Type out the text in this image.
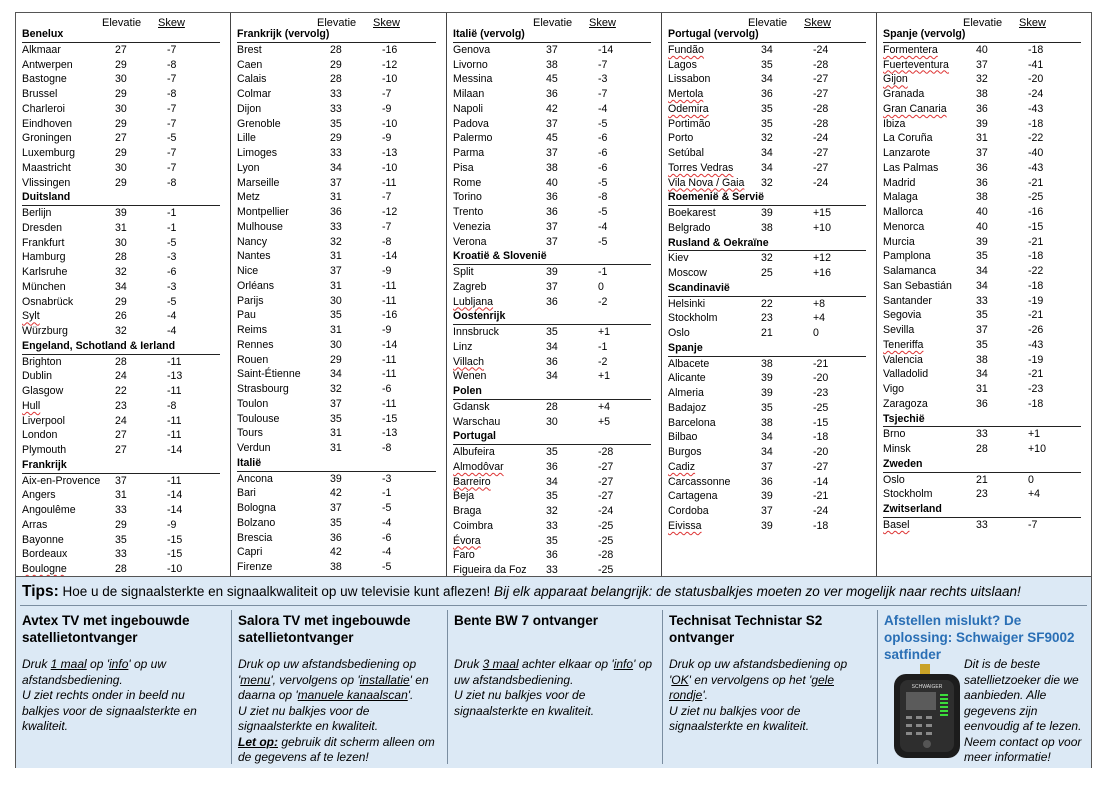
Elevatie Skew
Benelux
Alkmaar	27	-7
Antwerpen	29	-8
Bastogne	30	-7
Brussel	29	-8
Charleroi	30	-7
Eindhoven	29	-7
Groningen	27	-5
Luxemburg	29	-7
Maastricht	30	-7
Vlissingen	29	-8
Duitsland
Berlijn	39	-1
Dresden	31	-1
Frankfurt	30	-5
Hamburg	28	-3
Karlsruhe	32	-6
München	34	-3
Osnabrück	29	-5
Sylt	26	-4
Würzburg	32	-4
Engeland, Schotland & Ierland
Brighton	28	-11
Dublin	24	-13
Glasgow	22	-11
Hull	23	-8
Liverpool	24	-11
London	27	-11
Plymouth	27	-14
Frankrijk
Aix-en-Provence 37	-11
Angers	31	-14
Angoulême	33	-14
Arras	29	-9
Bayonne	35	-15
Bordeaux	33	-15
Boulogne	28	-10
Elevatie Skew
Frankrijk (vervolg)
Brest	28	-16
Caen	29	-12
Calais	28	-10
Colmar	33	-7
Dijon	33	-9
Grenoble	35	-10
Lille	29	-9
Limoges	33	-13
Lyon	34	-10
Marseille	37	-11
Metz	31	-7
Montpellier	36	-12
Mulhouse	33	-7
Nancy	32	-8
Nantes	31	-14
Nice	37	-9
Orléans	31	-11
Parijs	30	-11
Pau	35	-16
Reims	31	-9
Rennes	30	-14
Rouen	29	-11
Saint-Étienne	34	-11
Strasbourg	32	-6
Toulon	37	-11
Toulouse	35	-15
Tours	31	-13
Verdun	31	-8
Italië
Ancona	39	-3
Bari	42	-1
Bologna	37	-5
Bolzano	35	-4
Brescia	36	-6
Capri	42	-4
Firenze	38	-5
Elevatie Skew
Italië (vervolg)
Genova	37	-14
Livorno	38	-7
Messina	45	-3
Milaan	36	-7
Napoli	42	-4
Padova	37	-5
Palermo	45	-6
Parma	37	-6
Pisa	38	-6
Rome	40	-5
Torino	36	-8
Trento	36	-5
Venezia	37	-4
Verona	37	-5
Kroatië & Slovenië
Split	39	-1
Zagreb	37	0
Lubljana	36	-2
Oostenrijk
Innsbruck	35	+1
Linz	34	-1
Villach	36	-2
Wenen	34	+1
Polen
Gdansk	28	+4
Warschau	30	+5
Portugal
Albufeira	35	-28
Almodôvar	36	-27
Barreiro	34	-27
Beja	35	-27
Braga	32	-24
Coimbra	33	-25
Évora	35	-25
Faro	36	-28
Figueira da Foz 33	-25
Elevatie Skew
Portugal (vervolg)
Fundão	34	-24
Lagos	35	-28
Lissabon	34	-27
Mertola	36	-27
Odemira	35	-28
Portimão	35	-28
Porto	32	-24
Setúbal	34	-27
Torres Vedras	34	-27
Vila Nova / Gaia 32	-24
Roemenië & Servië
Boekarest	39	+15
Belgrado	38	+10
Rusland & Oekraïne
Kiev	32	+12
Moscow	25	+16
Scandinavië
Helsinki	22	+8
Stockholm	23	+4
Oslo	21	0
Spanje
Albacete	38	-21
Alicante	39	-20
Almeria	39	-23
Badajoz	35	-25
Barcelona	38	-15
Bilbao	34	-18
Burgos	34	-20
Cadiz	37	-27
Carcassonne	36	-14
Cartagena	39	-21
Cordoba	37	-24
Eivissa	39	-18
Elevatie Skew
Spanje (vervolg)
Formentera	40	-18
Fuerteventura	37	-41
Gijon	32	-20
Granada	38	-24
Gran Canaria	36	-43
Ibiza	39	-18
La Coruña	31	-22
Lanzarote	37	-40
Las Palmas	36	-43
Madrid	36	-21
Malaga	38	-25
Mallorca	40	-16
Menorca	40	-15
Murcia	39	-21
Pamplona	35	-18
Salamanca	34	-22
San Sebastián 34	-18
Santander	33	-19
Segovia	35	-21
Sevilla	37	-26
Teneriffa	35	-43
Valencia	38	-19
Valladolid	34	-21
Vigo	31	-23
Zaragoza	36	-18
Tsjechië
Brno	33	+1
Minsk	28	+10
Zweden
Oslo	21	0
Stockholm	23	+4
Zwitserland
Basel	33	-7
Tips: Hoe u de signaalsterkte en signaalkwaliteit op uw televisie kunt aflezen! Bij elk apparaat belangrijk: de statusbalkjes moeten zo ver mogelijk naar rechts uitslaan!
Avtex TV met ingebouwde satellietontvanger
Druk 1 maal op 'info' op uw afstandsbediening.
U ziet rechts onder in beeld nu balkjes voor de signaalsterkte en kwaliteit.
Salora TV met ingebouwde satellietontvanger
Druk op uw afstandsbediening op 'menu', vervolgens op 'installatie' en daarna op 'manuele kanaalscan'.
U ziet nu balkjes voor de signaalsterkte en kwaliteit.
Let op: gebruik dit scherm alleen om de gegevens af te lezen!
Bente BW 7 ontvanger
Druk 3 maal achter elkaar op 'info' op uw afstandsbediening.
U ziet nu balkjes voor de signaalsterkte en kwaliteit.
Technisat Technistar S2 ontvanger
Druk op uw afstandsbediening op 'OK' en vervolgens op het 'gele rondje'.
U ziet nu balkjes voor de signaalsterkte en kwaliteit.
Afstellen mislukt? De oplossing: Schwaiger SF9002 satfinder
SCHWAIGER
Dit is de beste satellietzoeker die we aanbieden. Alle gegevens zijn eenvoudig af te lezen. Neem contact op voor meer informatie!
